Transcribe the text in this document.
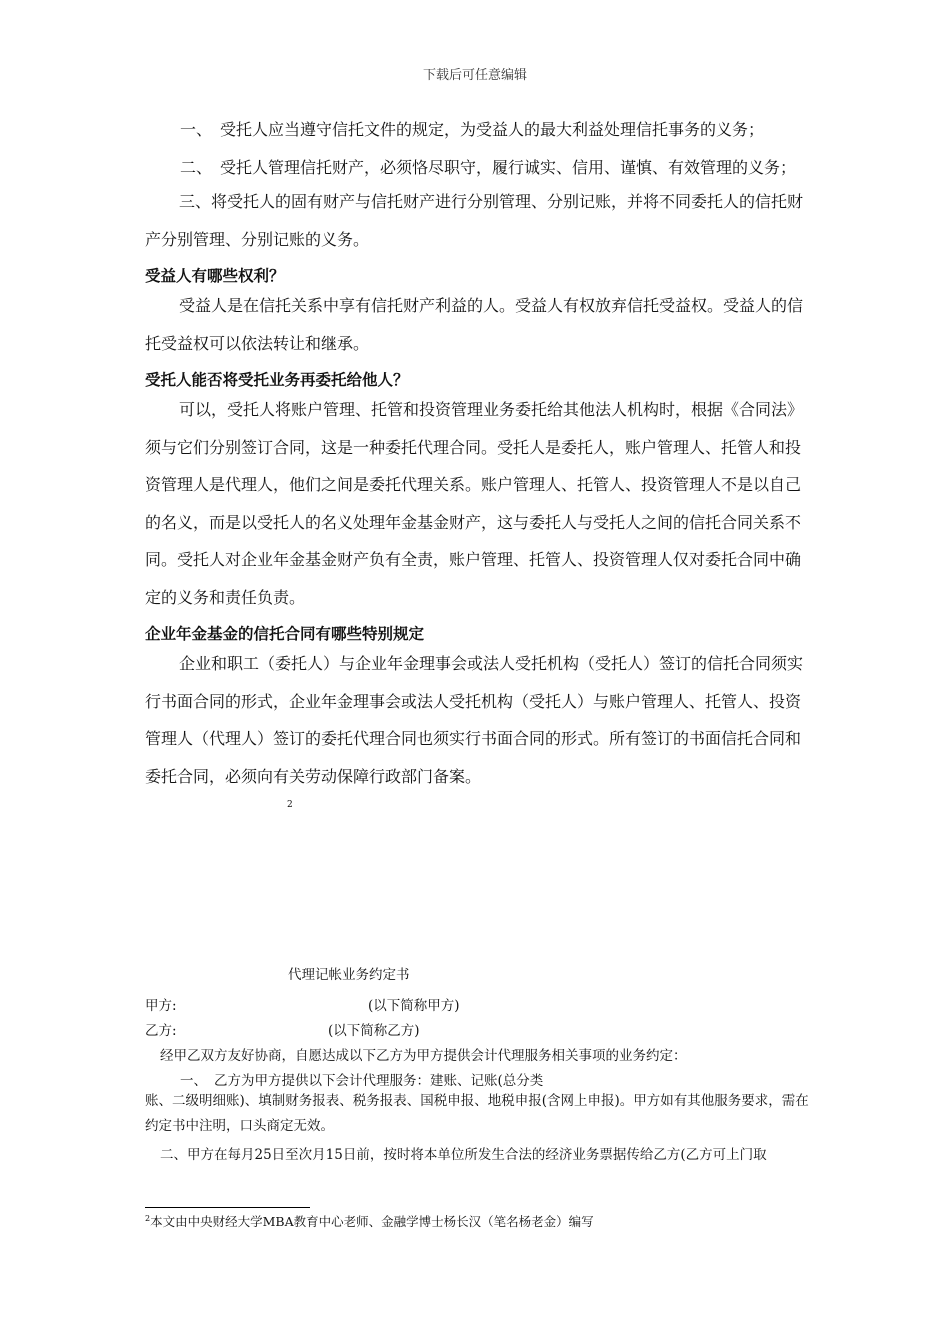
下载后可任意编辑
一、 受托人应当遵守信托文件的规定，为受益人的最大利益处理信托事务的义务；
二、 受托人管理信托财产，必须恪尽职守，履行诚实、信用、谨慎、有效管理的义务；

三、将受托人的固有财产与信托财产进行分别管理、分别记账，并将不同委托人的信托财产分别管理、分别记账的义务。

受益人有哪些权利？

受益人是在信托关系中享有信托财产利益的人。受益人有权放弃信托受益权。受益人的信托受益权可以依法转让和继承。

受托人能否将受托业务再委托给他人？

可以，受托人将账户管理、托管和投资管理业务委托给其他法人机构时，根据《合同法》须与它们分别签订合同，这是一种委托代理合同。受托人是委托人，账户管理人、托管人和投资管理人是代理人，他们之间是委托代理关系。账户管理人、托管人、投资管理人不是以自己的名义，而是以受托人的名义处理年金基金财产，这与委托人与受托人之间的信托合同关系不同。受托人对企业年金基金财产负有全责，账户管理、托管人、投资管理人仅对委托合同中确定的义务和责任负责。

企业年金基金的信托合同有哪些特别规定

企业和职工（委托人）与企业年金理事会或法人受托机构（受托人）签订的信托合同须实行书面合同的形式，企业年金理事会或法人受托机构（受托人）与账户管理人、托管人、投资管理人（代理人）签订的委托代理合同也须实行书面合同的形式。所有签订的书面信托合同和委托合同，必须向有关劳动保障行政部门备案。

2
代理记帐业务约定书
甲方:	(以下简称甲方)
乙方:	(以下简称乙方)
经甲乙双方友好协商，自愿达成以下乙方为甲方提供会计代理服务相关事项的业务约定：
一、 乙方为甲方提供以下会计代理服务：建账、记账(总分类

账、二级明细账)、填制财务报表、税务报表、国税申报、地税申报(含网上申报)。甲方如有其他服务要求，需在约定书中注明，口头商定无效。

二、甲方在每月25日至次月15日前，按时将本单位所发生合法的经济业务票据传给乙方(乙方可上门取
$^2$本文由中央财经大学MBA教育中心老师、金融学博士杨长汉（笔名杨老金）编写
